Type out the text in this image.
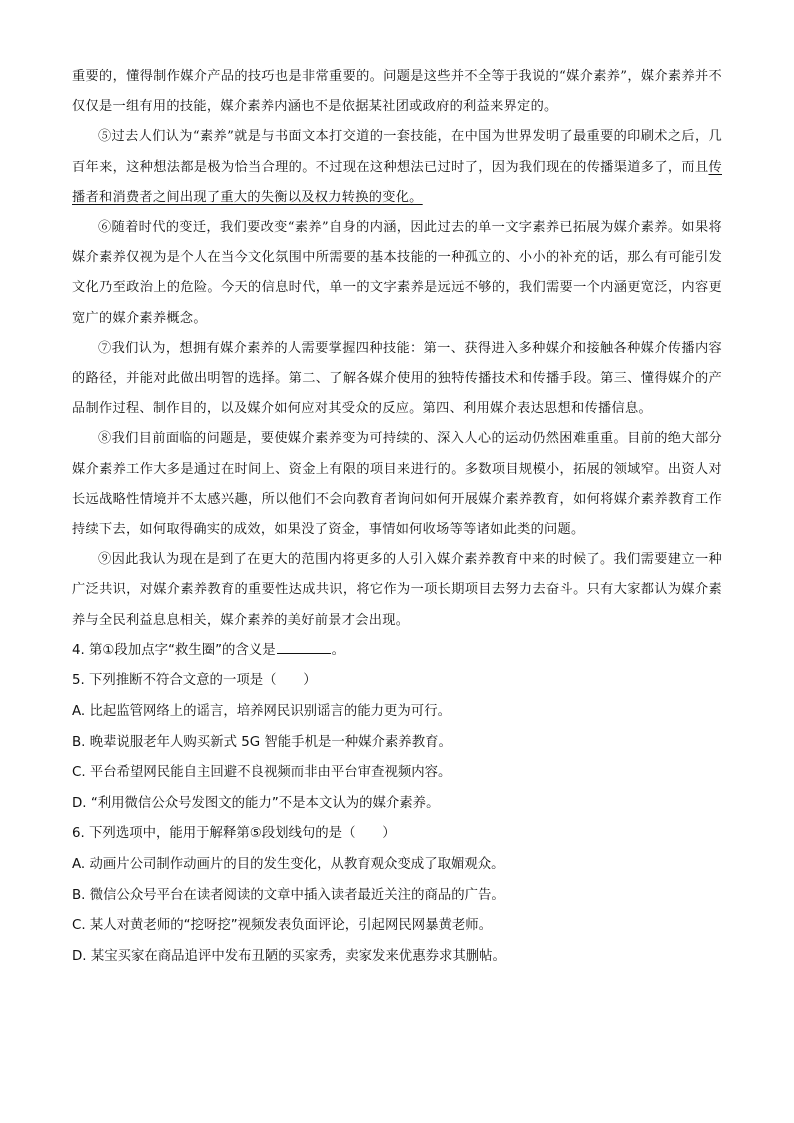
重要的，懂得制作媒介产品的技巧也是非常重要的。问题是这些并不全等于我说的“媒介素养”，媒介素养并不仅仅是一组有用的技能，媒介素养内涵也不是依据某社团或政府的利益来界定的。

⑤过去人们认为“素养”就是与书面文本打交道的一套技能，在中国为世界发明了最重要的印刷术之后，几百年来，这种想法都是极为恰当合理的。不过现在这种想法已过时了，因为我们现在的传播渠道多了，而且传播者和消费者之间出现了重大的失衡以及权力转换的变化。

⑥随着时代的变迁，我们要改变“素养”自身的内涵，因此过去的单一文字素养已拓展为媒介素养。如果将媒介素养仅视为是个人在当今文化氛围中所需要的基本技能的一种孤立的、小小的补充的话，那么有可能引发文化乃至政治上的危险。今天的信息时代，单一的文字素养是远远不够的，我们需要一个内涵更宽泛，内容更宽广的媒介素养概念。

⑦我们认为，想拥有媒介素养的人需要掌握四种技能：第一、获得进入多种媒介和接触各种媒介传播内容的路径，并能对此做出明智的选择。第二、了解各媒介使用的独特传播技术和传播手段。第三、懂得媒介的产品制作过程、制作目的，以及媒介如何应对其受众的反应。第四、利用媒介表达思想和传播信息。

⑧我们目前面临的问题是，要使媒介素养变为可持续的、深入人心的运动仍然困难重重。目前的绝大部分媒介素养工作大多是通过在时间上、资金上有限的项目来进行的。多数项目规模小，拓展的领域窄。出资人对长远战略性情境并不太感兴趣，所以他们不会向教育者询问如何开展媒介素养教育，如何将媒介素养教育工作持续下去，如何取得确实的成效，如果没了资金，事情如何收场等等诸如此类的问题。

⑨因此我认为现在是到了在更大的范围内将更多的人引入媒介素养教育中来的时候了。我们需要建立一种广泛共识，对媒介素养教育的重要性达成共识，将它作为一项长期项目去努力去奋斗。只有大家都认为媒介素养与全民利益息息相关，媒介素养的美好前景才会出现。

4. 第①段加点字“救生圈”的含义是	。

5. 下列推断不符合文意的一项是（　　）

A. 比起监管网络上的谣言，培养网民识别谣言的能力更为可行。

B. 晚辈说服老年人购买新式 5G 智能手机是一种媒介素养教育。

C. 平台希望网民能自主回避不良视频而非由平台审查视频内容。

D. “利用微信公众号发图文的能力”不是本文认为的媒介素养。

6. 下列选项中，能用于解释第⑤段划线句的是（　　）

A. 动画片公司制作动画片的目的发生变化，从教育观众变成了取媚观众。

B. 微信公众号平台在读者阅读的文章中插入读者最近关注的商品的广告。

C. 某人对黄老师的“挖呀挖”视频发表负面评论，引起网民网暴黄老师。

D. 某宝买家在商品追评中发布丑陋的买家秀，卖家发来优惠券求其删帖。
